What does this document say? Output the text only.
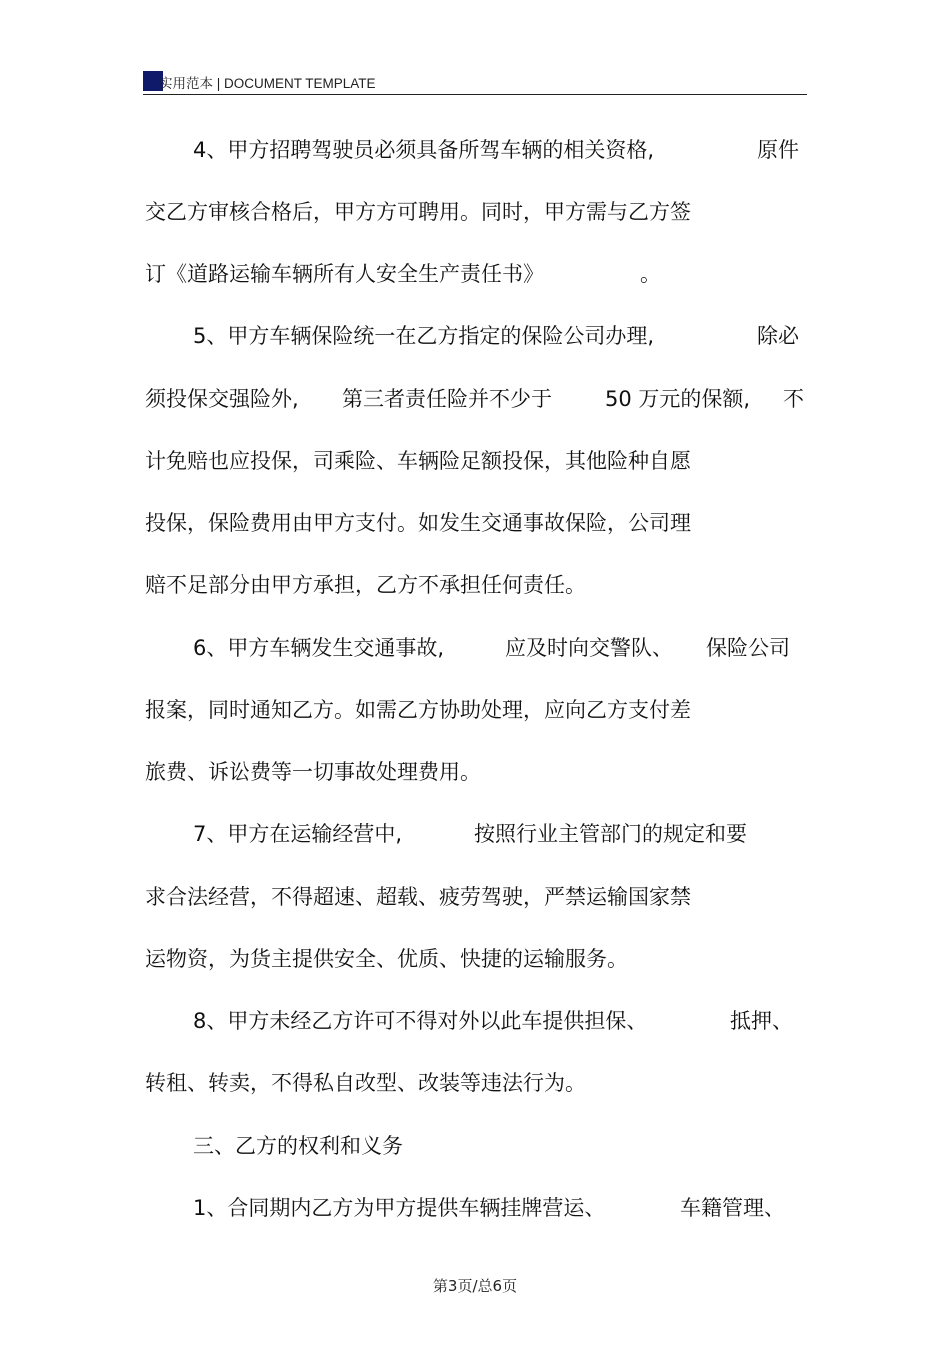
实用范本 | DOCUMENT TEMPLATE
4、甲方招聘驾驶员必须具备所驾车辆的相关资格,	原件
交乙方审核合格后，甲方方可聘用。同时，甲方需与乙方签
订《道路运输车辆所有人安全生产责任书》	。
5、甲方车辆保险统一在乙方指定的保险公司办理,	除必
须投保交强险外, 第三者责任险并不少于	50 万元的保额, 不
计免赔也应投保，司乘险、车辆险足额投保，其他险种自愿
投保，保险费用由甲方支付。如发生交通事故保险，公司理
赔不足部分由甲方承担，乙方不承担任何责任。
6、甲方车辆发生交通事故,	应及时向交警队、 保险公司
报案，同时通知乙方。如需乙方协助处理，应向乙方支付差
旅费、诉讼费等一切事故处理费用。
7、甲方在运输经营中,	按照行业主管部门的规定和要
求合法经营，不得超速、超载、疲劳驾驶，严禁运输国家禁
运物资，为货主提供安全、优质、快捷的运输服务。
8、甲方未经乙方许可不得对外以此车提供担保、	抵押、
转租、转卖，不得私自改型、改装等违法行为。
三、乙方的权利和义务
1、合同期内乙方为甲方提供车辆挂牌营运、	车籍管理、
第3页/总6页
